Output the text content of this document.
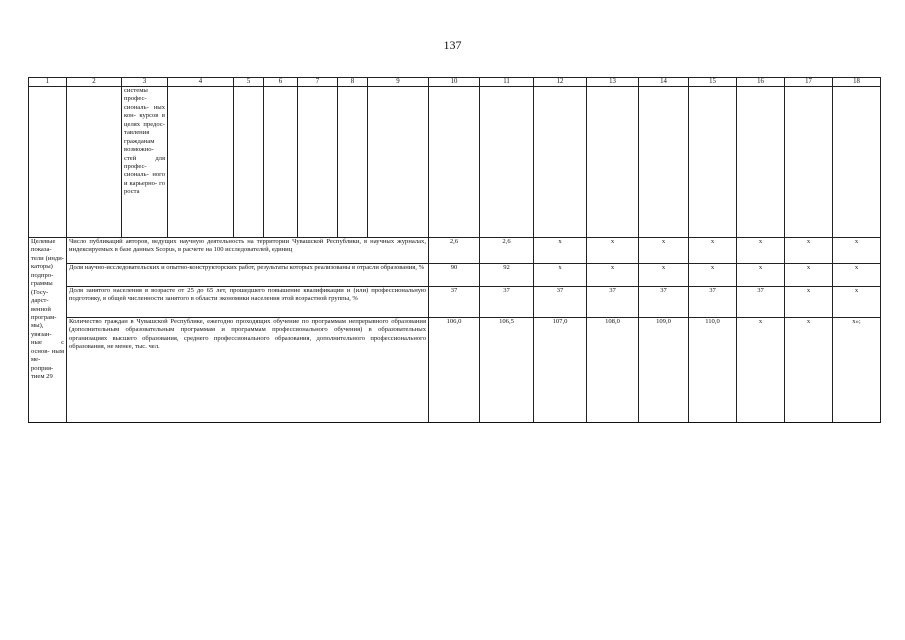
137
1	2	3	4	5	6	7	8	9	10	11	12	13	14	15	16	17	18
		системы профес- сиональ- ных кон- курсов в целях предос- тавления гражданам возможно- стей для профес- сиональ- ного и карьерно- го роста															
Целевые показа- тели (инди- каторы) подпро- граммы (Госу- дарст- венной програм- мы), увязан- ные с основ- ным ме- роприя- тием 29	Число публикаций авторов, ведущих научную деятельность на территории Чувашской Республики, в научных журналах, индексируемых в базе данных Scopus, в расчете на 100 исследователей, единиц								2,6	2,6	x	x	x	x	x	x	x
	Доля научно-исследовательских и опытно-конструкторских работ, результаты которых реализованы в отрасли образования, %								90	92	x	x	x	x	x	x	x
	Доля занятого населения в возрасте от 25 до 65 лет, прошедшего повышение квалификации и (или) профессиональную подготовку, в общей численности занятого в области экономики населения этой возрастной группы, %								37	37	37	37	37	37	37	x	x
	Количество граждан в Чувашской Республике, ежегодно проходящих обучение по программам непрерывного образования (дополнительным образовательным программам и программам профессионального обучения) в образовательных организациях высшего образования, среднего профессионального образования, дополнительного профессионального образования, не менее, тыс. чел.								106,0	106,5	107,0	108,0	109,0	110,0	x	x	x»;
